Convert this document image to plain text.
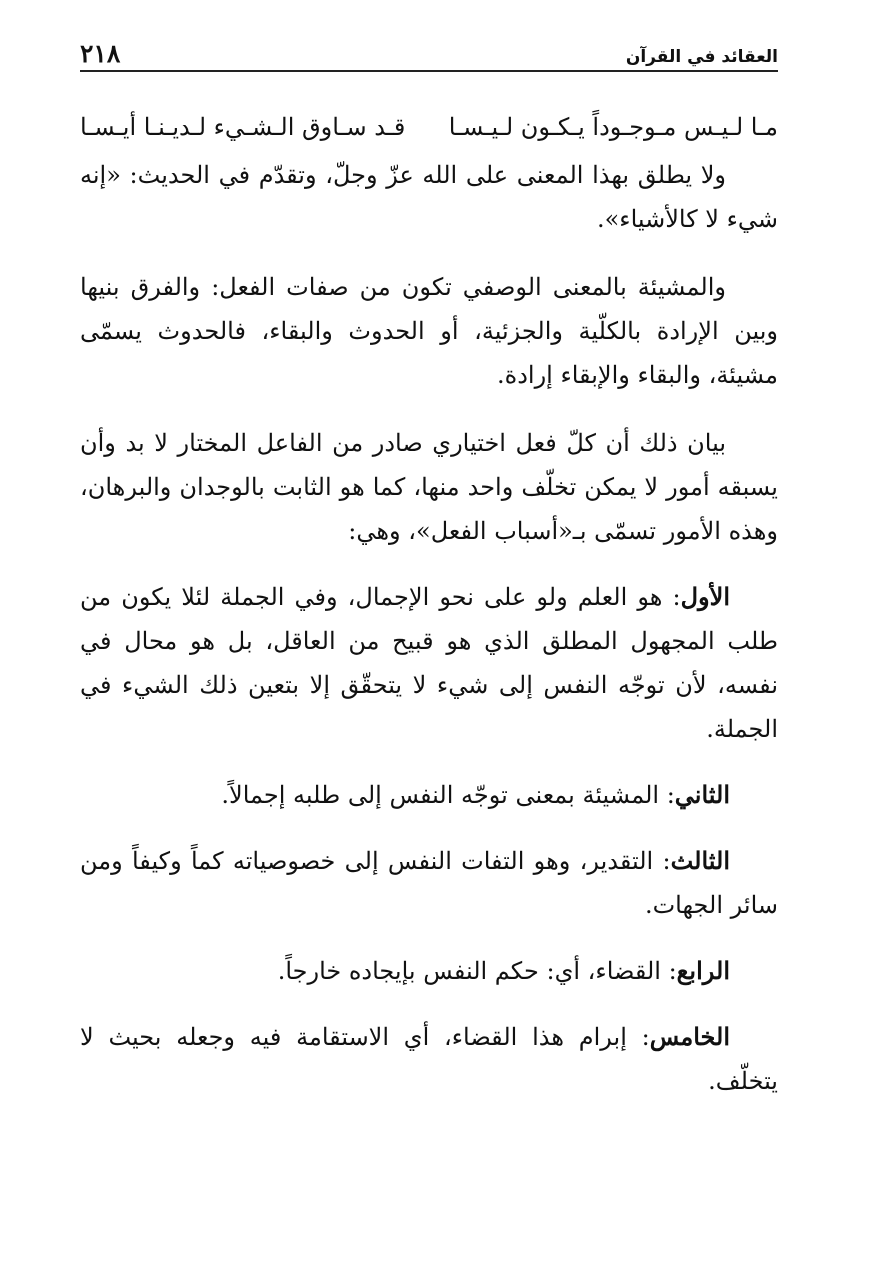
العقائد في القرآن
٢١٨
مـا لـيـس مـوجـوداً يـكـون لـيـسـا
قـد سـاوق الـشـيء لـديـنـا أيـسـا

ولا يطلق بهذا المعنى على الله عزّ وجلّ، وتقدّم في الحديث: «إنه شيء لا كالأشياء».

والمشيئة بالمعنى الوصفي تكون من صفات الفعل: والفرق بنيها وبين الإرادة بالكلّية والجزئية، أو الحدوث والبقاء، فالحدوث يسمّى مشيئة، والبقاء والإبقاء إرادة.

بيان ذلك أن كلّ فعل اختياري صادر من الفاعل المختار لا بد وأن يسبقه أمور لا يمكن تخلّف واحد منها، كما هو الثابت بالوجدان والبرهان، وهذه الأمور تسمّى بـ«أسباب الفعل»، وهي:

الأول: هو العلم ولو على نحو الإجمال، وفي الجملة لئلا يكون من طلب المجهول المطلق الذي هو قبيح من العاقل، بل هو محال في نفسه، لأن توجّه النفس إلى شيء لا يتحقّق إلا بتعين ذلك الشيء في الجملة.

الثاني: المشيئة بمعنى توجّه النفس إلى طلبه إجمالاً.

الثالث: التقدير، وهو التفات النفس إلى خصوصياته كماً وكيفاً ومن سائر الجهات.

الرابع: القضاء، أي: حكم النفس بإيجاده خارجاً.

الخامس: إبرام هذا القضاء، أي الاستقامة فيه وجعله بحيث لا يتخلّف.
